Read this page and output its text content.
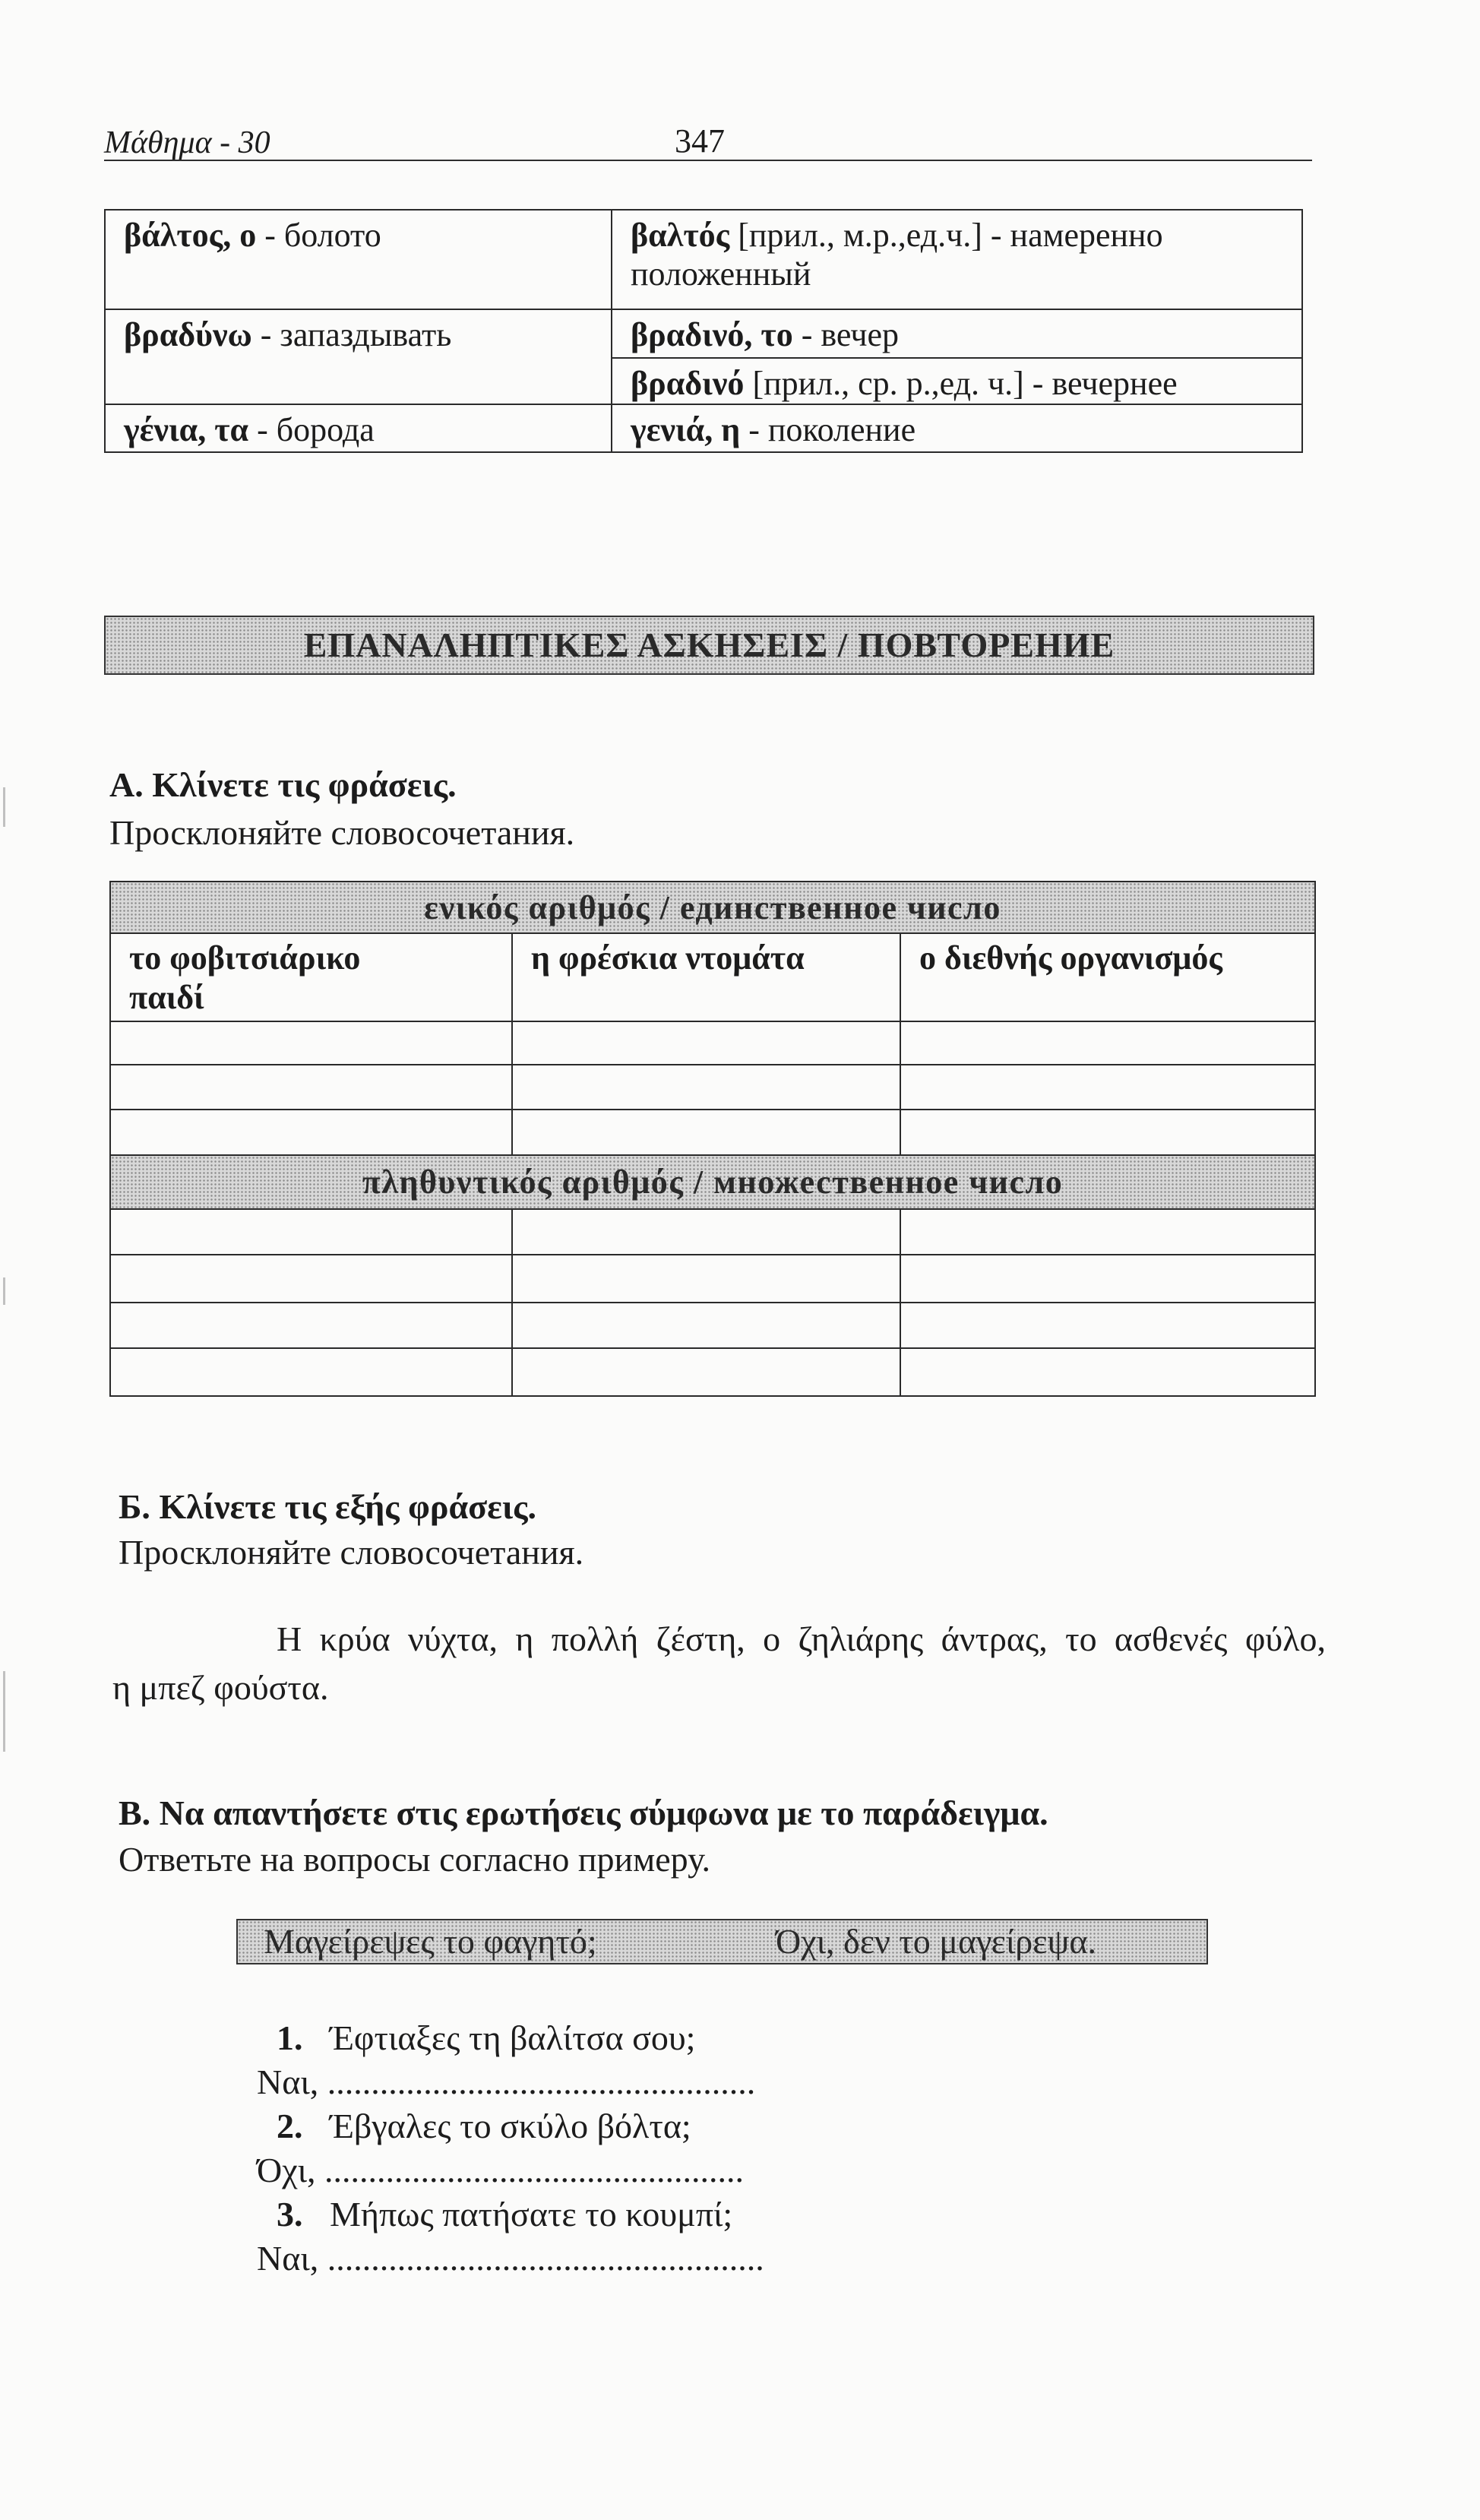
Μάθημα - 30	347
βάλτος, ο - болото	βαλτός [прил., м.р.,ед.ч.] - намеренно
положенный

βραδύνω - запаздывать	βραδινό, το - вечер
	βραδινό [прил., ср. р.,ед. ч.] - вечернее
γένια, τα - борода	γενιά, η - поколение
ΕΠΑΝΑΛΗΠΤΙΚΕΣ ΑΣΚΗΣΕΙΣ / ПОВТОРЕНИЕ
А. Κλίνετε τις φράσεις.
Просклоняйте словосочетания.
ενικός αριθμός / единственное число		

το φοβιτσιάρικο
παιδί	η φρέσκια ντομάτα	ο διεθνής οργανισμός

πληθυντικός αριθμός / множественное число		

Б. Κλίνετε τις εξής φράσεις.
Просклоняйте словосочетания.
Η κρύα νύχτα, η πολλή ζέστη, ο ζηλιάρης άντρας, το ασθενές φύλο,
η μπεζ φούστα.
В. Να απαντήσετε στις ερωτήσεις σύμφωνα με το παράδειγμα.
Ответьте на вопросы согласно примеру.
Μαγείρεψες το φαγητό;	Όχι, δεν το μαγείρεψα.
1. Έφτιαξες τη βαλίτσα σου;
Ναι, .................................................
2. Έβγαλες το σκύλο βόλτα;
Όχι, ................................................
3. Μήπως πατήσατε το κουμπί;
Ναι, ..................................................
